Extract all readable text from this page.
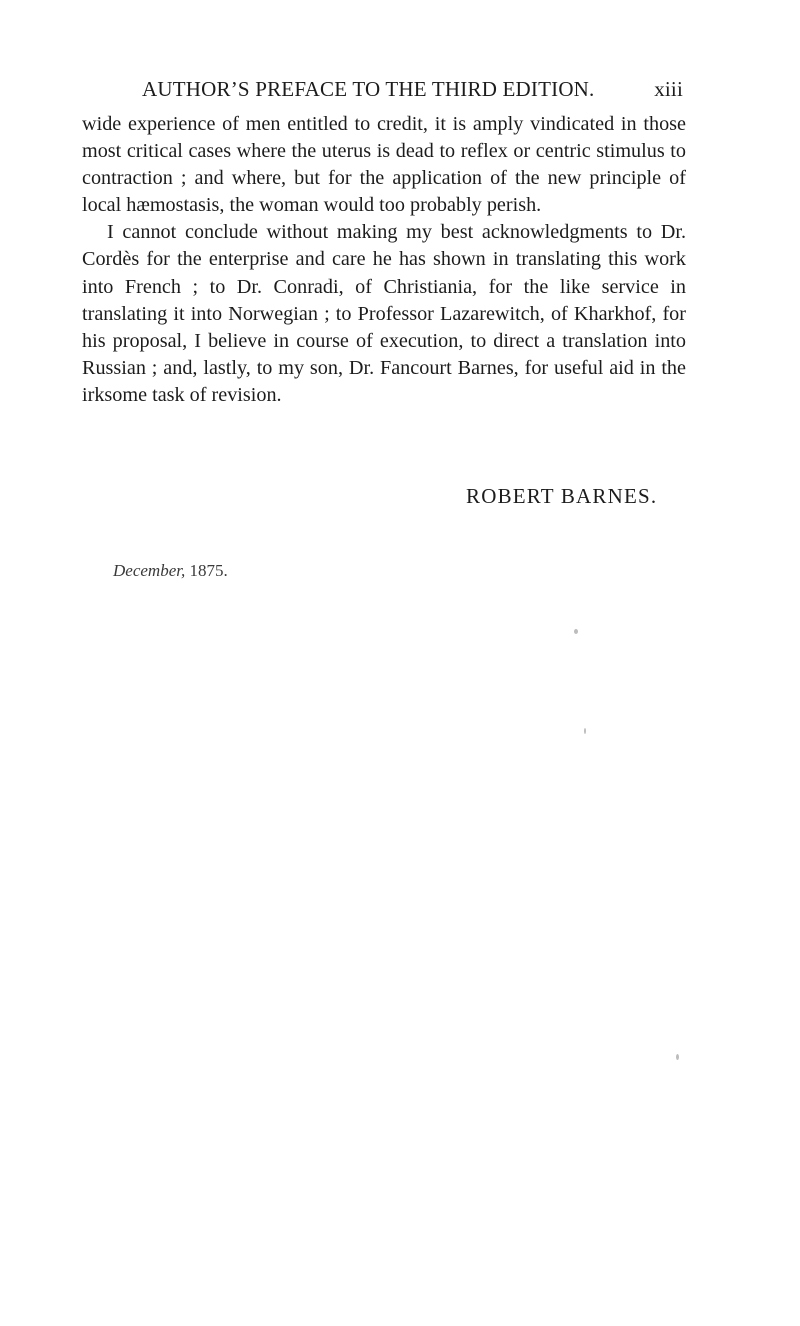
AUTHOR’S PREFACE TO THE THIRD EDITION.	xiii

wide experience of men entitled to credit, it is amply vindicated in those most critical cases where the uterus is dead to reflex or centric stimulus to contraction ; and where, but for the application of the new principle of local hæmostasis, the woman would too probably perish.

I cannot conclude without making my best acknowledgments to Dr. Cordès for the enterprise and care he has shown in translating this work into French ; to Dr. Conradi, of Christiania, for the like service in translating it into Norwegian ; to Professor Lazarewitch, of Kharkhof, for his proposal, I believe in course of execution, to direct a translation into Russian ; and, lastly, to my son, Dr. Fancourt Barnes, for useful aid in the irksome task of revision.

ROBERT BARNES.
December, 1875.
